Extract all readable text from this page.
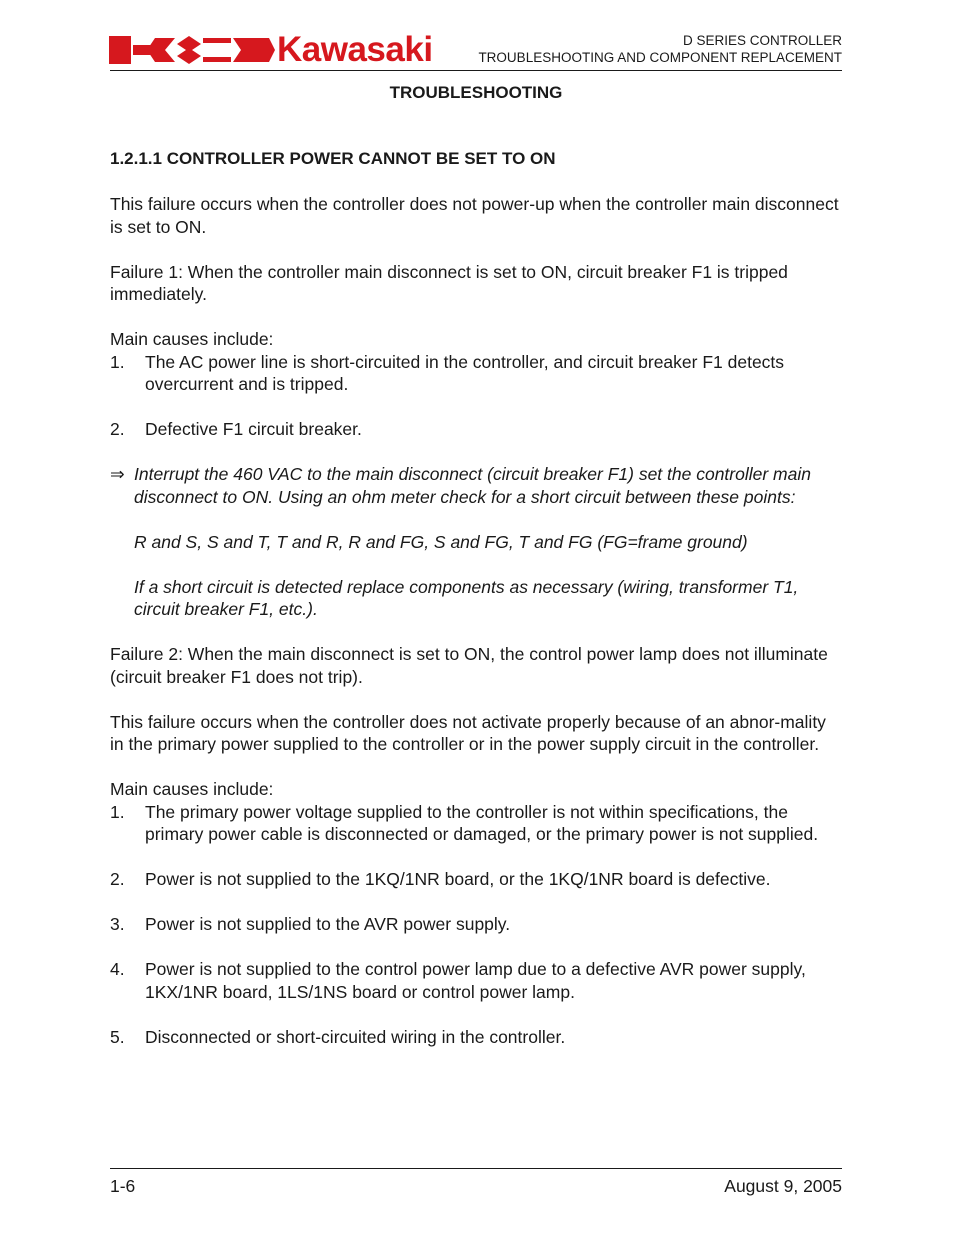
Kawasaki	D SERIES CONTROLLER
TROUBLESHOOTING AND COMPONENT REPLACEMENT
TROUBLESHOOTING

1.2.1.1 CONTROLLER POWER CANNOT BE SET TO ON

This failure occurs when the controller does not power-up when the controller main disconnect is set to ON.

Failure 1: When the controller main disconnect is set to ON, circuit breaker F1 is tripped immediately.

Main causes include:

1.	The AC power line is short-circuited in the controller, and circuit breaker F1 detects overcurrent and is tripped.
2.	Defective F1 circuit breaker.
⇒ Interrupt the 460 VAC to the main disconnect (circuit breaker F1) set the controller main disconnect to ON. Using an ohm meter check for a short circuit between these points:

R and S, S and T, T and R, R and FG, S and FG, T and FG (FG=frame ground)

If a short circuit is detected replace components as necessary (wiring, transformer T1, circuit breaker F1, etc.).

Failure 2: When the main disconnect is set to ON, the control power lamp does not illuminate (circuit breaker F1 does not trip).

This failure occurs when the controller does not activate properly because of an abnor-mality in the primary power supplied to the controller or in the power supply circuit in the controller.

Main causes include:

1.	The primary power voltage supplied to the controller is not within specifications, the primary power cable is disconnected or damaged, or the primary power is not supplied.
2.	Power is not supplied to the 1KQ/1NR board, or the 1KQ/1NR board is defective.
3.	Power is not supplied to the AVR power supply.
4.	Power is not supplied to the control power lamp due to a defective AVR power supply, 1KX/1NR board, 1LS/1NS board or control power lamp.
5.	Disconnected or short-circuited wiring in the controller.
1-6	August 9, 2005
